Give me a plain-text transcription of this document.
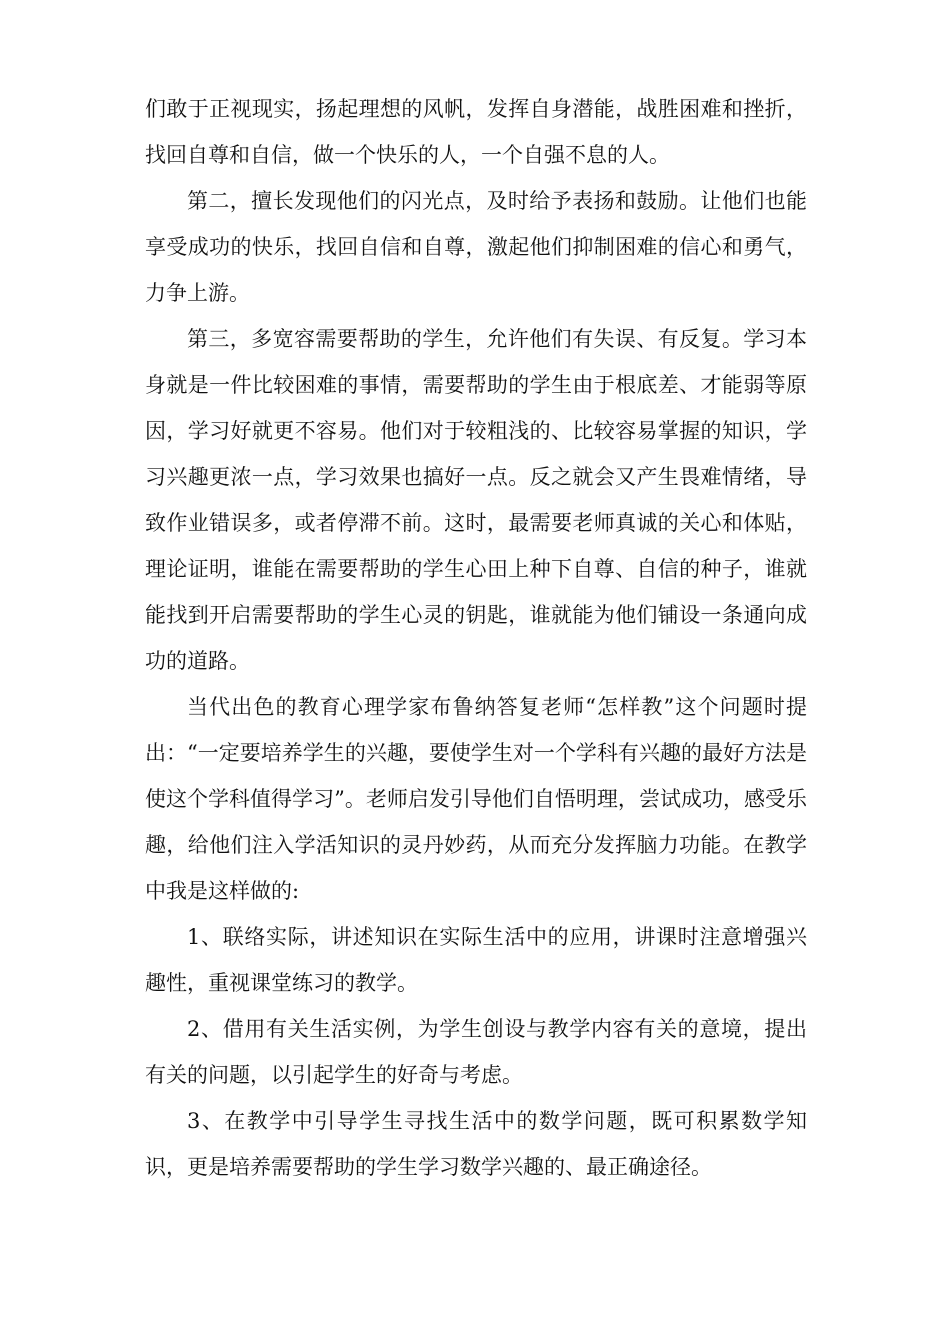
们敢于正视现实，扬起理想的风帆，发挥自身潜能，战胜困难和挫折，找回自尊和自信，做一个快乐的人，一个自强不息的人。

第二，擅长发现他们的闪光点，及时给予表扬和鼓励。让他们也能享受成功的快乐，找回自信和自尊，激起他们抑制困难的信心和勇气，力争上游。

第三，多宽容需要帮助的学生，允许他们有失误、有反复。学习本身就是一件比较困难的事情，需要帮助的学生由于根底差、才能弱等原因，学习好就更不容易。他们对于较粗浅的、比较容易掌握的知识，学习兴趣更浓一点，学习效果也搞好一点。反之就会又产生畏难情绪，导致作业错误多，或者停滞不前。这时，最需要老师真诚的关心和体贴，理论证明，谁能在需要帮助的学生心田上种下自尊、自信的种子，谁就能找到开启需要帮助的学生心灵的钥匙，谁就能为他们铺设一条通向成功的道路。

当代出色的教育心理学家布鲁纳答复老师“怎样教”这个问题时提出：“一定要培养学生的兴趣，要使学生对一个学科有兴趣的最好方法是使这个学科值得学习”。老师启发引导他们自悟明理，尝试成功，感受乐趣，给他们注入学活知识的灵丹妙药，从而充分发挥脑力功能。在教学中我是这样做的:

1、联络实际，讲述知识在实际生活中的应用，讲课时注意增强兴趣性，重视课堂练习的教学。

2、借用有关生活实例，为学生创设与教学内容有关的意境，提出有关的问题，以引起学生的好奇与考虑。

3、在教学中引导学生寻找生活中的数学问题，既可积累数学知识，更是培养需要帮助的学生学习数学兴趣的、最正确途径。
